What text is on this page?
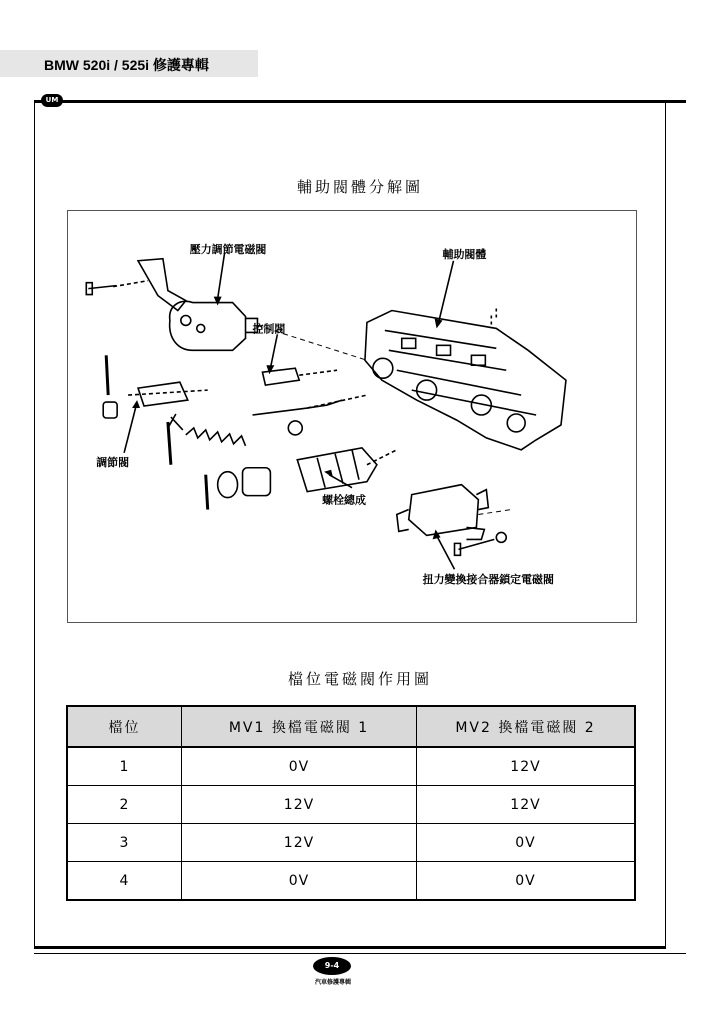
BMW 520i / 525i 修護專輯
UM
輔助閥體分解圖
壓力調節電磁閥	輔助閥體
控制閥
調節閥
螺栓總成
扭力變換接合器鎖定電磁閥
檔位電磁閥作用圖
檔位	MV1 換檔電磁閥 1	MV2 換檔電磁閥 2
1	0V	12V
2	12V	12V
3	12V	0V
4	0V	0V
9-4
汽車修護專輯
